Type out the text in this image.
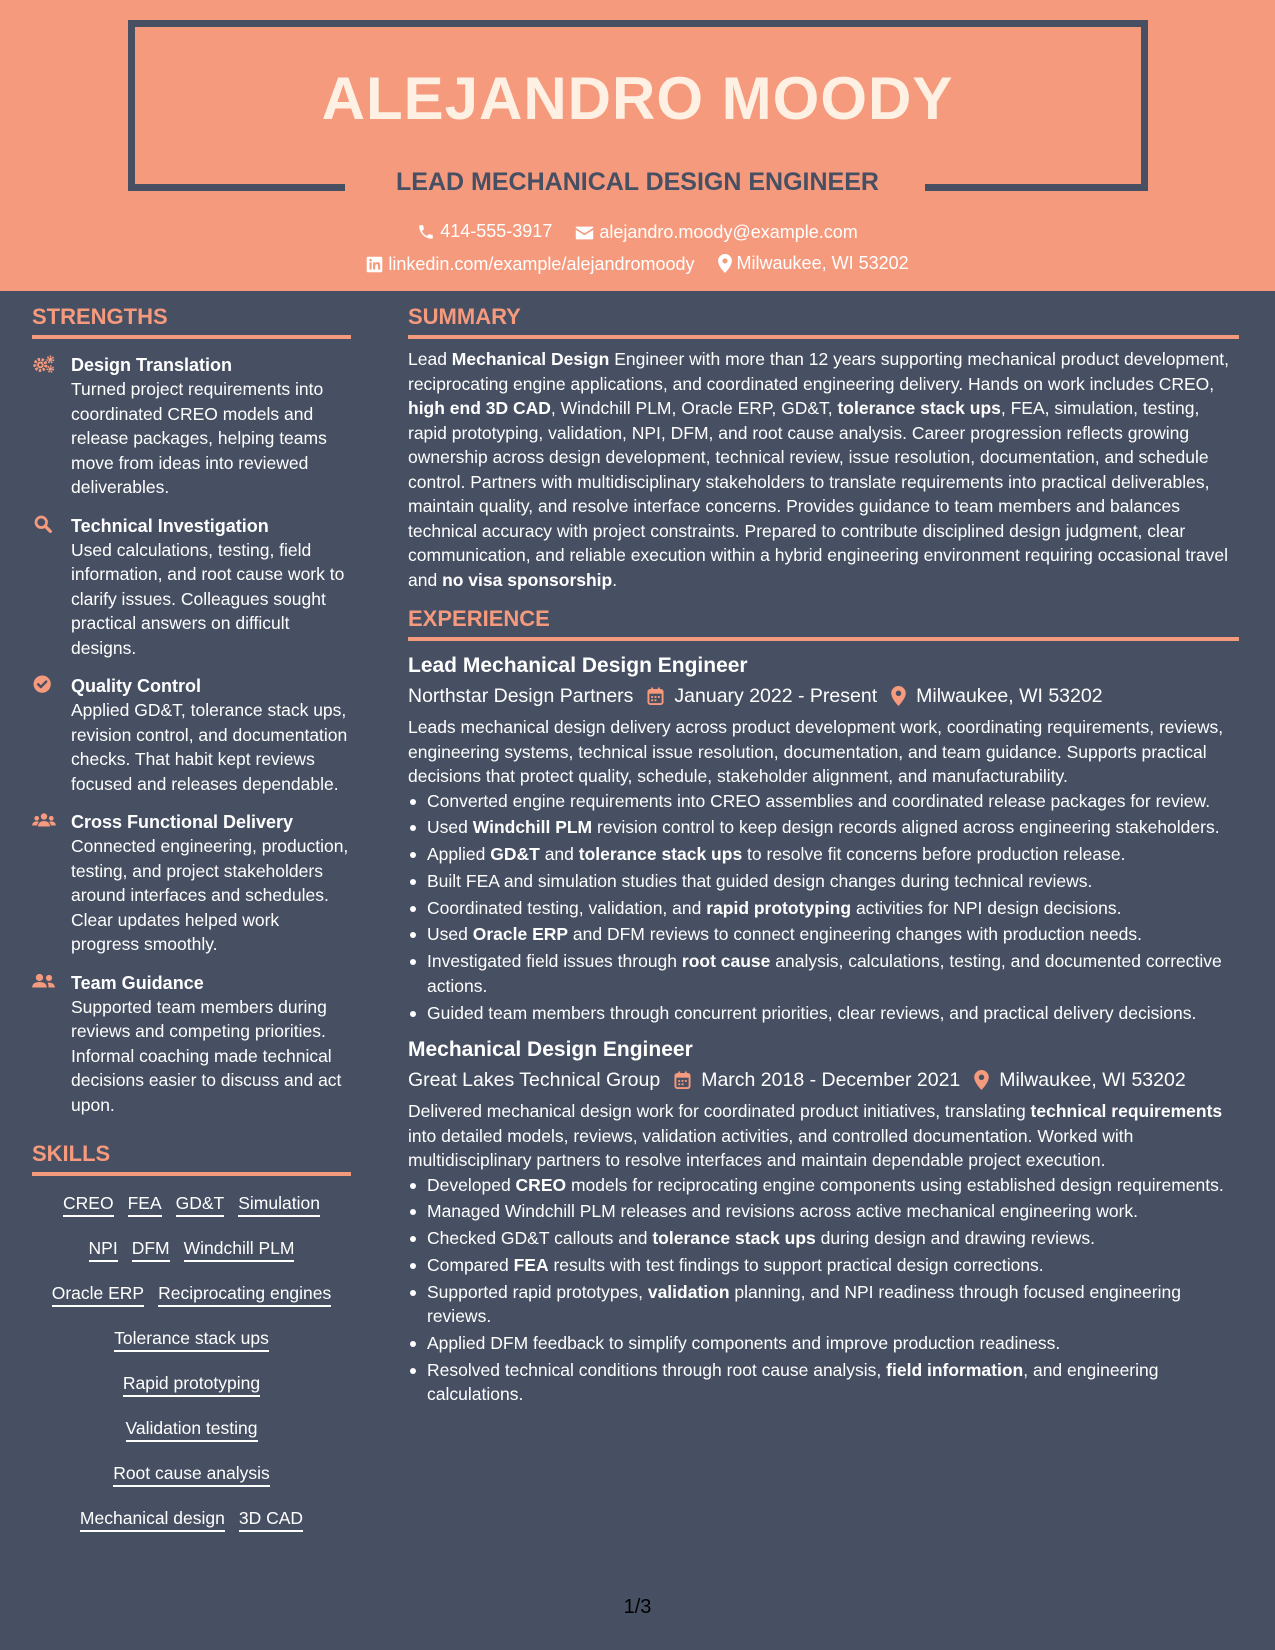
ALEJANDRO MOODY
LEAD MECHANICAL DESIGN ENGINEER
414-555-3917
	alejandro.moody@example.com
linkedin.com/example/alejandromoody
Milwaukee, WI 53202
STRENGTHS
Design Translation
Turned project requirements into coordinated CREO models and release packages, helping teams move from ideas into reviewed deliverables.
Technical Investigation
Used calculations, testing, field information, and root cause work to clarify issues. Colleagues sought practical answers on difficult designs.
Quality Control
Applied GD&T, tolerance stack ups, revision control, and documentation checks. That habit kept reviews focused and releases dependable.
Cross Functional Delivery
Connected engineering, production, testing, and project stakeholders around interfaces and schedules. Clear updates helped work progress smoothly.
Team Guidance
Supported team members during reviews and competing priorities. Informal coaching made technical decisions easier to discuss and act upon.
SKILLS
CREO FEA GD&T Simulation
NPI DFM Windchill PLM
Oracle ERP Reciprocating engines
Tolerance stack ups
Rapid prototyping
Validation testing
Root cause analysis
Mechanical design 3D CAD
SUMMARY
Lead Mechanical Design Engineer with more than 12 years supporting mechanical product development, reciprocating engine applications, and coordinated engineering delivery. Hands on work includes CREO, high end 3D CAD, Windchill PLM, Oracle ERP, GD&T, tolerance stack ups, FEA, simulation, testing, rapid prototyping, validation, NPI, DFM, and root cause analysis. Career progression reflects growing ownership across design development, technical review, issue resolution, documentation, and schedule control. Partners with multidisciplinary stakeholders to translate requirements into practical deliverables, maintain quality, and resolve interface concerns. Provides guidance to team members and balances technical accuracy with project constraints. Prepared to contribute disciplined design judgment, clear communication, and reliable execution within a hybrid engineering environment requiring occasional travel and no visa sponsorship.
EXPERIENCE
Lead Mechanical Design Engineer
Northstar Design Partners January 2022 - Present Milwaukee, WI 53202
Leads mechanical design delivery across product development work, coordinating requirements, reviews, engineering systems, technical issue resolution, documentation, and team guidance. Supports practical decisions that protect quality, schedule, stakeholder alignment, and manufacturability.
Converted engine requirements into CREO assemblies and coordinated release packages for review.
Used Windchill PLM revision control to keep design records aligned across engineering stakeholders.
Applied GD&T and tolerance stack ups to resolve fit concerns before production release.
Built FEA and simulation studies that guided design changes during technical reviews.
Coordinated testing, validation, and rapid prototyping activities for NPI design decisions.
Used Oracle ERP and DFM reviews to connect engineering changes with production needs.
Investigated field issues through root cause analysis, calculations, testing, and documented corrective actions.
Guided team members through concurrent priorities, clear reviews, and practical delivery decisions.
Mechanical Design Engineer
Great Lakes Technical Group March 2018 - December 2021 Milwaukee, WI 53202
Delivered mechanical design work for coordinated product initiatives, translating technical requirements into detailed models, reviews, validation activities, and controlled documentation. Worked with multidisciplinary partners to resolve interfaces and maintain dependable project execution.
Developed CREO models for reciprocating engine components using established design requirements.
Managed Windchill PLM releases and revisions across active mechanical engineering work.
Checked GD&T callouts and tolerance stack ups during design and drawing reviews.
Compared FEA results with test findings to support practical design corrections.
Supported rapid prototypes, validation planning, and NPI readiness through focused engineering reviews.
Applied DFM feedback to simplify components and improve production readiness.
Resolved technical conditions through root cause analysis, field information, and engineering calculations.
1/3
